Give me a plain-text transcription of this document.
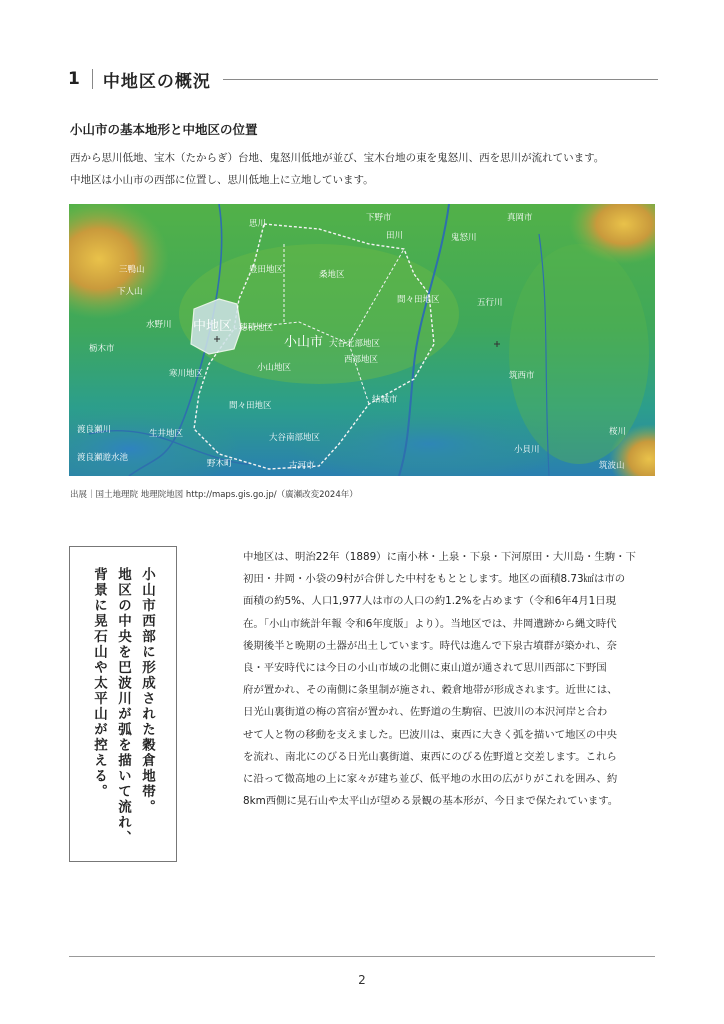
1 中地区の概況
小山市の基本地形と中地区の位置

西から思川低地、宝木（たからぎ）台地、鬼怒川低地が並び、宝木台地の東を鬼怒川、西を思川が流れています。

中地区は小山市の西部に位置し、思川低地上に立地しています。

思川
下野市
田川	鬼怒川
真岡市
三鴨山
下人山
水野川
栃木市
豊田地区	桑地区
間々田地区
穂積地区
大谷北部地区
西部地区
寒川地区
小山地区
間々田地区
生井地区	大谷南部地区
野木町	古河市
結城市
筑西市
五行川
小貝川
桜川
渡良瀬川
渡良瀬遊水池
筑波山
中地区
小山市
出展｜国土地理院 地理院地図 http://maps.gis.go.jp/（廣瀬改変2024年）
小山市西部に形成された穀倉地帯。
地区の中央を巴波川が弧を描いて流れ、
背景に晃石山や太平山が控える。

中地区は、明治22年（1889）に南小林・上泉・下泉・下河原田・大川島・生駒・下

初田・井岡・小袋の9村が合併した中村をもととします。地区の面積8.73㎢は市の

面積の約5%、人口1,977人は市の人口の約1.2%を占めます（令和6年4月1日現

在。「小山市統計年報 令和6年度版」より）。当地区では、井岡遺跡から縄文時代

後期後半と晩期の土器が出土しています。時代は進んで下泉古墳群が築かれ、奈

良・平安時代には今日の小山市域の北側に東山道が通されて思川西部に下野国

府が置かれ、その南側に条里制が施され、穀倉地帯が形成されます。近世には、

日光山裏街道の梅の宮宿が置かれ、佐野道の生駒宿、巴波川の本沢河岸と合わ

せて人と物の移動を支えました。巴波川は、東西に大きく弧を描いて地区の中央

を流れ、南北にのびる日光山裏街道、東西にのびる佐野道と交差します。これら

に沿って微高地の上に家々が建ち並び、低平地の水田の広がりがこれを囲み、約

8km西側に晃石山や太平山が望める景観の基本形が、今日まで保たれています。

2
